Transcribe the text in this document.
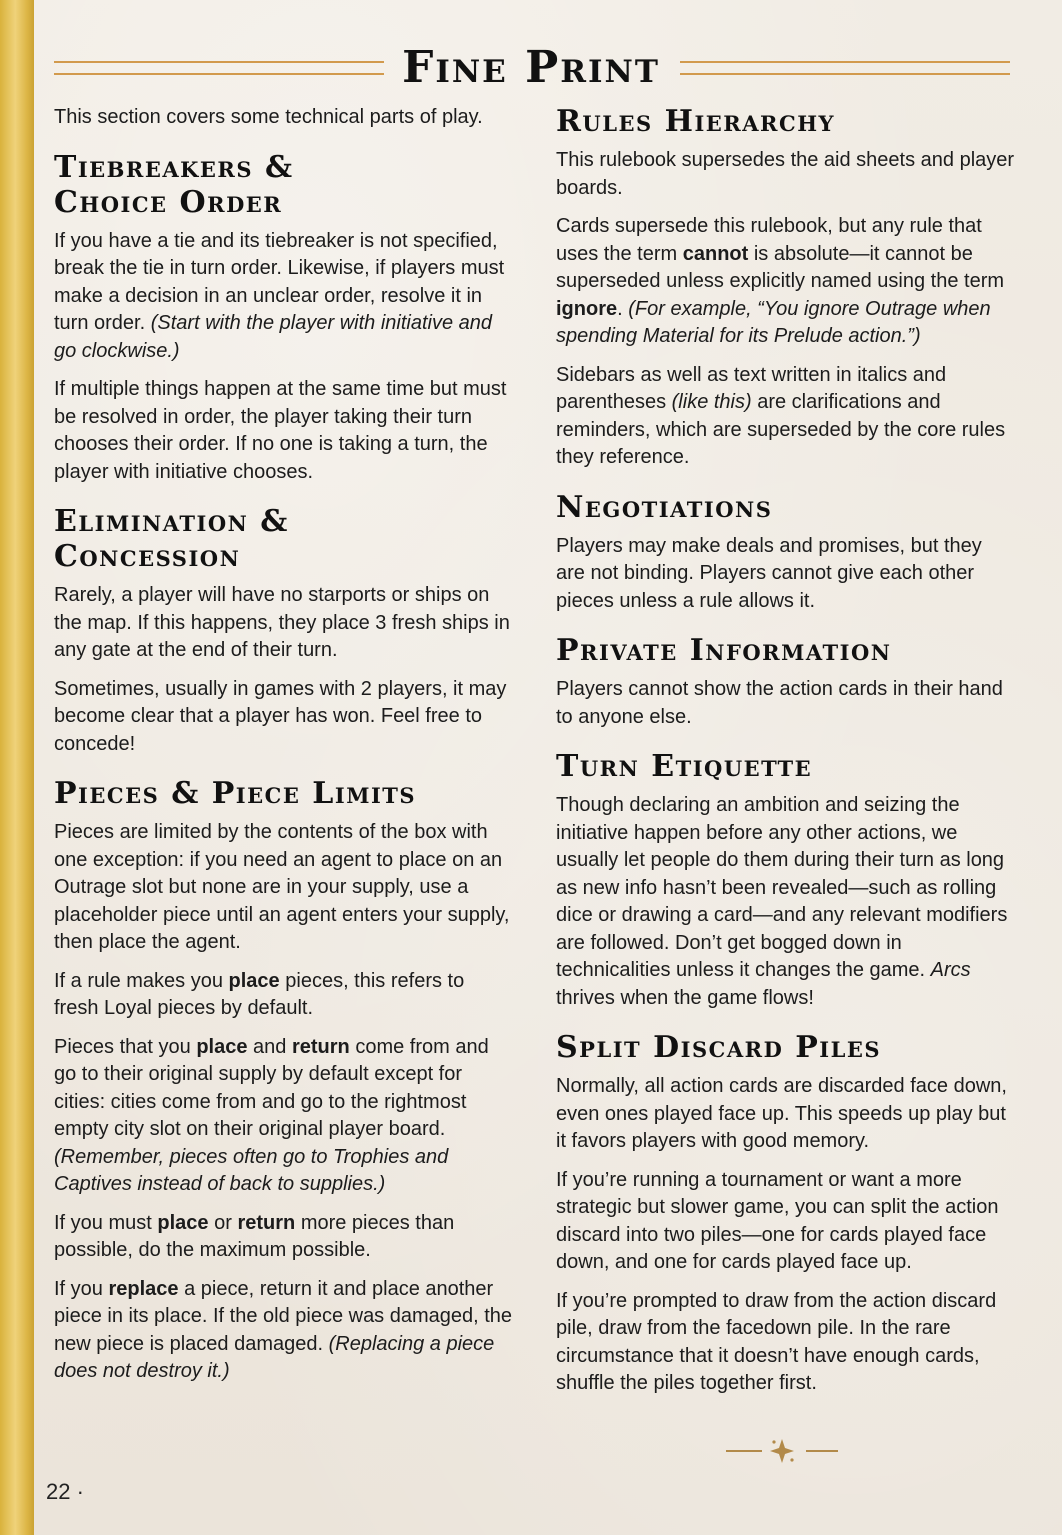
Fine Print

This section covers some technical parts of play.

Tiebreakers &
Choice Order

If you have a tie and its tiebreaker is not specified, break the tie in turn order. Likewise, if players must make a decision in an unclear order, resolve it in turn order. (Start with the player with initiative and go clockwise.)

If multiple things happen at the same time but must be resolved in order, the player taking their turn chooses their order. If no one is taking a turn, the player with initiative chooses.

Elimination &
Concession

Rarely, a player will have no starports or ships on the map. If this happens, they place 3 fresh ships in any gate at the end of their turn.

Sometimes, usually in games with 2 players, it may become clear that a player has won. Feel free to concede!

Pieces & Piece Limits

Pieces are limited by the contents of the box with one exception: if you need an agent to place on an Outrage slot but none are in your supply, use a placeholder piece until an agent enters your supply, then place the agent.

If a rule makes you place pieces, this refers to fresh Loyal pieces by default.

Pieces that you place and return come from and go to their original supply by default except for cities: cities come from and go to the rightmost empty city slot on their original player board. (Remember, pieces often go to Trophies and Captives instead of back to supplies.)

If you must place or return more pieces than possible, do the maximum possible.

If you replace a piece, return it and place another piece in its place. If the old piece was damaged, the new piece is placed damaged. (Replacing a piece does not destroy it.)

Rules Hierarchy

This rulebook supersedes the aid sheets and player boards.

Cards supersede this rulebook, but any rule that uses the term cannot is absolute—it cannot be superseded unless explicitly named using the term ignore. (For example, “You ignore Outrage when spending Material for its Prelude action.”)

Sidebars as well as text written in italics and parentheses (like this) are clarifications and reminders, which are superseded by the core rules they reference.

Negotiations

Players may make deals and promises, but they are not binding. Players cannot give each other pieces unless a rule allows it.

Private Information

Players cannot show the action cards in their hand to anyone else.

Turn Etiquette

Though declaring an ambition and seizing the initiative happen before any other actions, we usually let people do them during their turn as long as new info hasn’t been revealed—such as rolling dice or drawing a card—and any relevant modifiers are followed. Don’t get bogged down in technicalities unless it changes the game. Arcs thrives when the game flows!

Split Discard Piles

Normally, all action cards are discarded face down, even ones played face up. This speeds up play but it favors players with good memory.

If you’re running a tournament or want a more strategic but slower game, you can split the action discard into two piles—one for cards played face down, and one for cards played face up.

If you’re prompted to draw from the action discard pile, draw from the facedown pile. In the rare circumstance that it doesn’t have enough cards, shuffle the piles together first.

22 ·
